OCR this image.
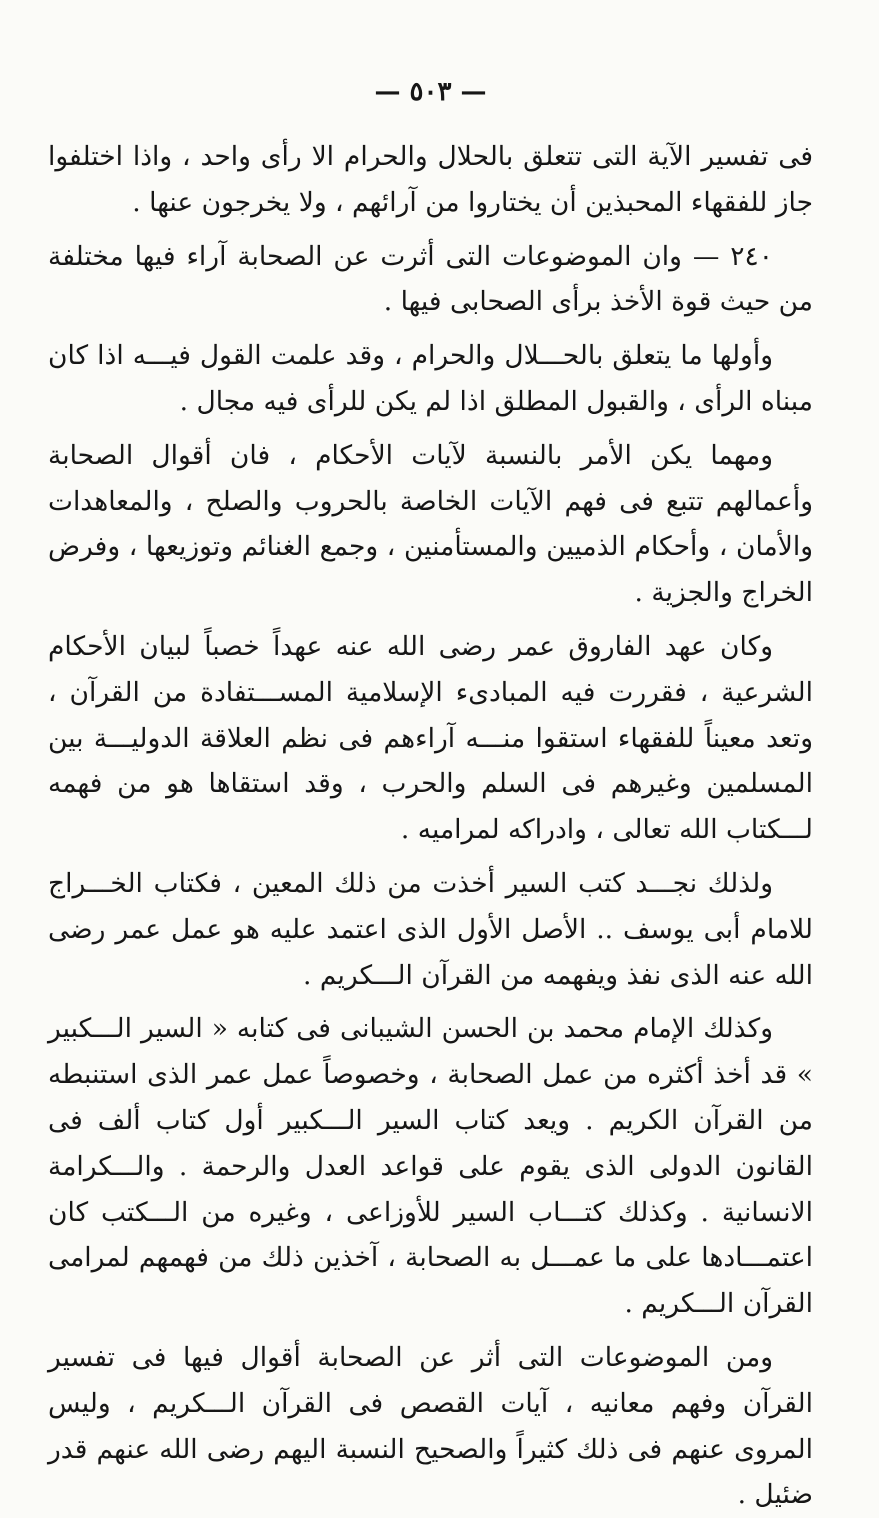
— ٥٠٣ —

فى تفسير الآية التى تتعلق بالحلال والحرام الا رأى واحد ، واذا اختلفوا جاز للفقهاء المحبذين أن يختاروا من آرائهم ، ولا يخرجون عنها .

٢٤٠ — وان الموضوعات التى أثرت عن الصحابة آراء فيها مختلفة من حيث قوة الأخذ برأى الصحابى فيها .

وأولها ما يتعلق بالحـــلال والحرام ، وقد علمت القول فيـــه اذا كان مبناه الرأى ، والقبول المطلق اذا لم يكن للرأى فيه مجال .

ومهما يكن الأمر بالنسبة لآيات الأحكام ، فان أقوال الصحابة وأعمالهم تتبع فى فهم الآيات الخاصة بالحروب والصلح ، والمعاهدات والأمان ، وأحكام الذميين والمستأمنين ، وجمع الغنائم وتوزيعها ، وفرض الخراج والجزية .

وكان عهد الفاروق عمر رضى الله عنه عهداً خصباً لبيان الأحكام الشرعية ، فقررت فيه المبادىء الإسلامية المســـتفادة من القرآن ، وتعد معيناً للفقهاء استقوا منـــه آراءهم فى نظم العلاقة الدوليـــة بين المسلمين وغيرهم فى السلم والحرب ، وقد استقاها هو من فهمه لـــكتاب الله تعالى ، وادراكه لمراميه .

ولذلك نجـــد كتب السير أخذت من ذلك المعين ، فكتاب الخـــراج للامام أبى يوسف .. الأصل الأول الذى اعتمد عليه هو عمل عمر رضى الله عنه الذى نفذ ويفهمه من القرآن الـــكريم .

وكذلك الإمام محمد بن الحسن الشيبانى فى كتابه « السير الـــكبير » قد أخذ أكثره من عمل الصحابة ، وخصوصاً عمل عمر الذى استنبطه من القرآن الكريم . ويعد كتاب السير الـــكبير أول كتاب ألف فى القانون الدولى الذى يقوم على قواعد العدل والرحمة . والـــكرامة الانسانية . وكذلك كتـــاب السير للأوزاعى ، وغيره من الـــكتب كان اعتمـــادها على ما عمـــل به الصحابة ، آخذين ذلك من فهمهم لمرامى القرآن الـــكريم .

ومن الموضوعات التى أثر عن الصحابة أقوال فيها فى تفسير القرآن وفهم معانيه ، آيات القصص فى القرآن الـــكريم ، وليس المروى عنهم فى ذلك كثيراً والصحيح النسبة اليهم رضى الله عنهم قدر ضئيل .
